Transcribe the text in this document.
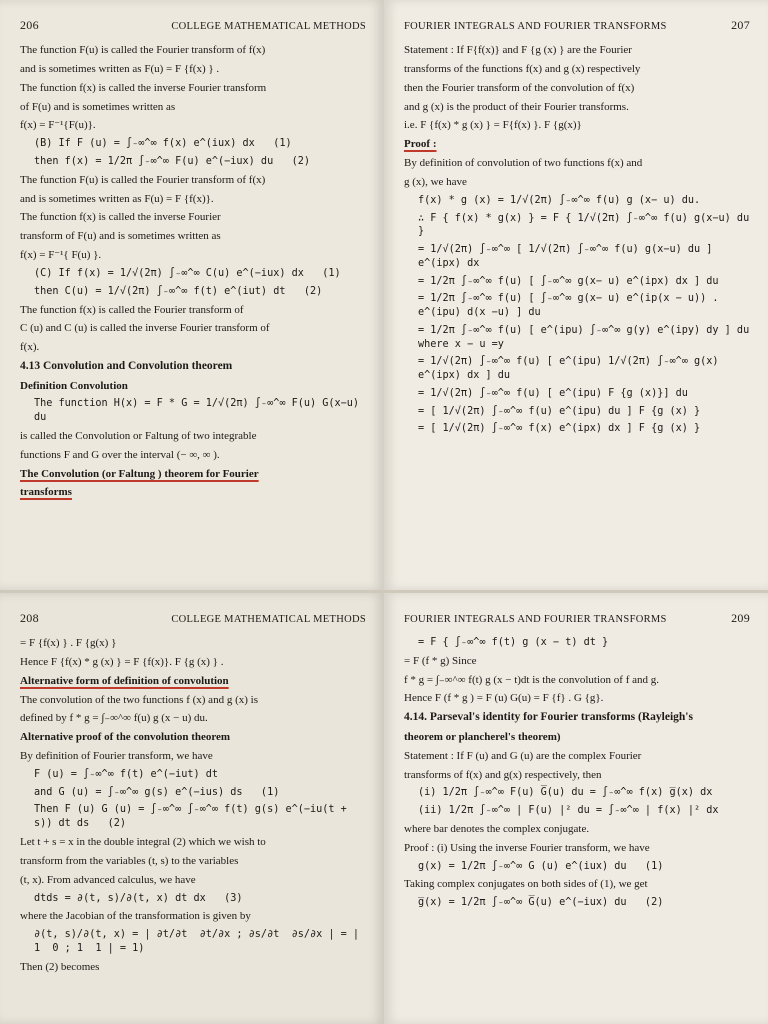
206	COLLEGE MATHEMATICAL METHODS
The function F(u) is called the Fourier transform of f(x)
and is sometimes written as F(u) = F {f(x) } .
The function f(x) is called the inverse Fourier transform
of F(u) and is sometimes written as
f(x) = F⁻¹{F(u)}.
(B) If F (u) = ∫₋∞^∞ f(x) e^(iux) dx   (1)
then f(x) = 1/2π ∫₋∞^∞ F(u) e^(−iux) du   (2)
The function F(u) is called the Fourier transform of f(x)
and is sometimes written as F(u) = F {f(x)}.
The function f(x) is called the inverse Fourier
transform of F(u) and is sometimes written as
f(x) = F⁻¹{ F(u) }.
(C) If f(x) = 1/√(2π) ∫₋∞^∞ C(u) e^(−iux) dx   (1)
then C(u) = 1/√(2π) ∫₋∞^∞ f(t) e^(iut) dt   (2)
The function f(x) is called the Fourier transform of
C (u) and C (u) is called the inverse Fourier transform of
f(x).
4.13 Convolution and Convolution theorem
Definition Convolution
The function H(x) = F * G = 1/√(2π) ∫₋∞^∞ F(u) G(x−u) du
is called the Convolution or Faltung of two integrable
functions F and G over the interval (− ∞, ∞ ).
The Convolution (or Faltung ) theorem for Fourier
transforms
FOURIER INTEGRALS AND FOURIER TRANSFORMS	207
Statement : If F{f(x)} and F {g (x) } are the Fourier
transforms of the functions f(x) and g (x) respectively
then the Fourier transform of the convolution of f(x)
and g (x) is the product of their Fourier transforms.
i.e. F {f(x) * g (x) } = F{f(x) }. F {g(x)}
Proof :
By definition of convolution of two functions f(x) and
g (x), we have
f(x) * g (x) = 1/√(2π) ∫₋∞^∞ f(u) g (x− u) du.
∴ F { f(x) * g(x) } = F { 1/√(2π) ∫₋∞^∞ f(u) g(x−u) du }
= 1/√(2π) ∫₋∞^∞ [ 1/√(2π) ∫₋∞^∞ f(u) g(x−u) du ] e^(ipx) dx
= 1/2π ∫₋∞^∞ f(u) [ ∫₋∞^∞ g(x− u) e^(ipx) dx ] du
= 1/2π ∫₋∞^∞ f(u) [ ∫₋∞^∞ g(x− u) e^(ip(x − u)) . e^(ipu) d(x −u) ] du
= 1/2π ∫₋∞^∞ f(u) [ e^(ipu) ∫₋∞^∞ g(y) e^(ipy) dy ] du where x − u =y
= 1/√(2π) ∫₋∞^∞ f(u) [ e^(ipu) 1/√(2π) ∫₋∞^∞ g(x) e^(ipx) dx ] du
= 1/√(2π) ∫₋∞^∞ f(u) [ e^(ipu) F {g (x)}] du
= [ 1/√(2π) ∫₋∞^∞ f(u) e^(ipu) du ] F {g (x) }
= [ 1/√(2π) ∫₋∞^∞ f(x) e^(ipx) dx ] F {g (x) }
208	COLLEGE MATHEMATICAL METHODS
= F {f(x) } . F {g(x) }
Hence F {f(x) * g (x) } = F {f(x)}. F {g (x) } .
Alternative form of definition of convolution
The convolution of the two functions f (x) and g (x) is
defined by f * g = ∫₋∞^∞ f(u) g (x − u) du.
Alternative proof of the convolution theorem
By definition of Fourier transform, we have
F (u) = ∫₋∞^∞ f(t) e^(−iut) dt
and G (u) = ∫₋∞^∞ g(s) e^(−ius) ds   (1)
Then F (u) G (u) = ∫₋∞^∞ ∫₋∞^∞ f(t) g(s) e^(−iu(t + s)) dt ds   (2)
Let t + s = x in the double integral (2) which we wish to
transform from the variables (t, s) to the variables
(t, x). From advanced calculus, we have
dtds = ∂(t, s)/∂(t, x) dt dx   (3)
where the Jacobian of the transformation is given by
∂(t, s)/∂(t, x) = | ∂t/∂t  ∂t/∂x ; ∂s/∂t  ∂s/∂x | = | 1  0 ; 1  1 | = 1)
Then (2) becomes
FOURIER INTEGRALS AND FOURIER TRANSFORMS	209
= F { ∫₋∞^∞ f(t) g (x − t) dt }
= F (f * g) Since
f * g = ∫₋∞^∞ f(t) g (x − t)dt is the convolution of f and g.
Hence F (f * g ) = F (u) G(u) = F {f} . G {g}.
4.14. Parseval's identity for Fourier transforms (Rayleigh's
theorem or plancherel's theorem)
Statement : If F (u) and G (u) are the complex Fourier
transforms of f(x) and g(x) respectively, then
(i) 1/2π ∫₋∞^∞ F(u) G̅(u) du = ∫₋∞^∞ f(x) g̅(x) dx
(ii) 1/2π ∫₋∞^∞ | F(u) |² du = ∫₋∞^∞ | f(x) |² dx
where bar denotes the complex conjugate.
Proof : (i) Using the inverse Fourier transform, we have
g(x) = 1/2π ∫₋∞^∞ G (u) e^(iux) du   (1)
Taking complex conjugates on both sides of (1), we get
g̅(x) = 1/2π ∫₋∞^∞ G̅(u) e^(−iux) du   (2)
